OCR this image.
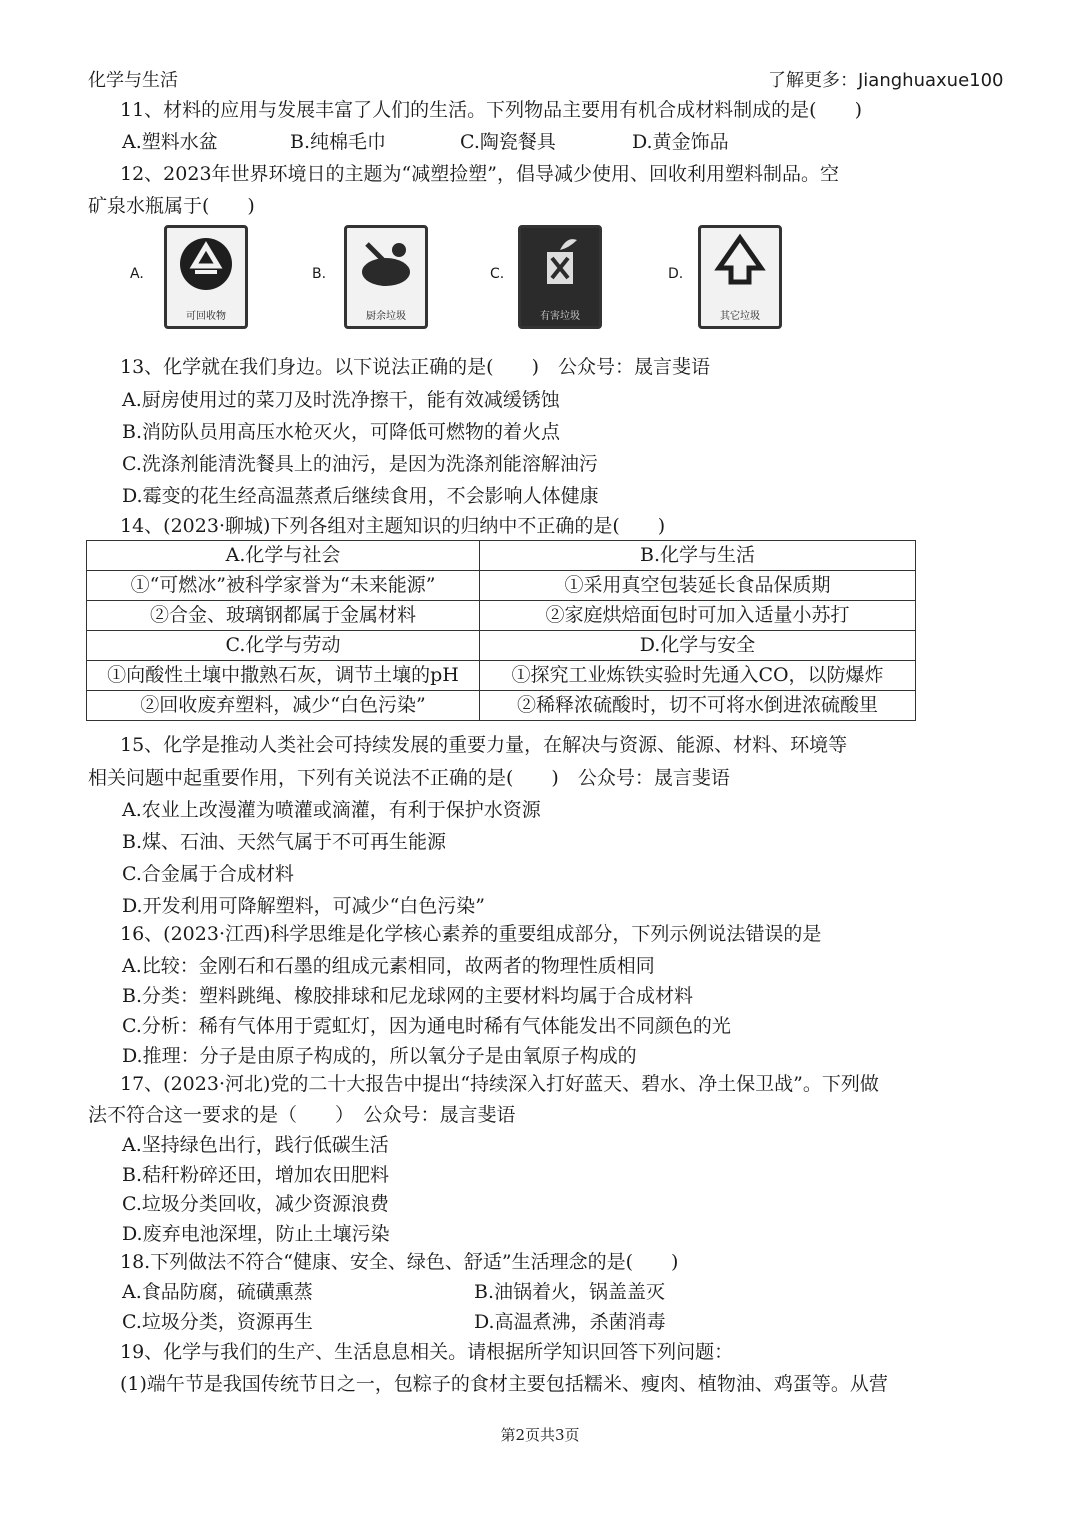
化学与生活	了解更多：Jianghuaxue100
11、材料的应用与发展丰富了人们的生活。下列物品主要用有机合成材料制成的是(　　)
A.塑料水盆	B.纯棉毛巾	C.陶瓷餐具	D.黄金饰品
12、2023年世界环境日的主题为“减塑捡塑”，倡导减少使用、回收利用塑料制品。空
矿泉水瓶属于(　　)
A.
可回收物
B.
厨余垃圾
C.
有害垃圾
D.
其它垃圾
13、化学就在我们身边。以下说法正确的是(　　)　公众号：晟言斐语
A.厨房使用过的菜刀及时洗净擦干，能有效减缓锈蚀
B.消防队员用高压水枪灭火，可降低可燃物的着火点
C.洗涤剂能清洗餐具上的油污，是因为洗涤剂能溶解油污
D.霉变的花生经高温蒸煮后继续食用，不会影响人体健康
14、(2023·聊城)下列各组对主题知识的归纳中不正确的是(　　)
A.化学与社会	B.化学与生活
①“可燃冰”被科学家誉为“未来能源”	①采用真空包装延长食品保质期
②合金、玻璃钢都属于金属材料	②家庭烘焙面包时可加入适量小苏打
C.化学与劳动	D.化学与安全
①向酸性土壤中撒熟石灰，调节土壤的pH	①探究工业炼铁实验时先通入CO，以防爆炸
②回收废弃塑料，减少“白色污染”	②稀释浓硫酸时，切不可将水倒进浓硫酸里
15、化学是推动人类社会可持续发展的重要力量，在解决与资源、能源、材料、环境等
相关问题中起重要作用，下列有关说法不正确的是(　　)　公众号：晟言斐语
A.农业上改漫灌为喷灌或滴灌，有利于保护水资源
B.煤、石油、天然气属于不可再生能源
C.合金属于合成材料
D.开发利用可降解塑料，可减少“白色污染”
16、(2023·江西)科学思维是化学核心素养的重要组成部分，下列示例说法错误的是
A.比较：金刚石和石墨的组成元素相同，故两者的物理性质相同
B.分类：塑料跳绳、橡胶排球和尼龙球网的主要材料均属于合成材料
C.分析：稀有气体用于霓虹灯，因为通电时稀有气体能发出不同颜色的光
D.推理：分子是由原子构成的，所以氧分子是由氧原子构成的
17、(2023·河北)党的二十大报告中提出“持续深入打好蓝天、碧水、净土保卫战”。下列做
法不符合这一要求的是（　　）　公众号：晟言斐语
A.坚持绿色出行，践行低碳生活
B.秸秆粉碎还田，增加农田肥料
C.垃圾分类回收，减少资源浪费
D.废弃电池深埋，防止土壤污染
18.下列做法不符合“健康、安全、绿色、舒适”生活理念的是(　　)
A.食品防腐，硫磺熏蒸	B.油锅着火，锅盖盖灭
C.垃圾分类，资源再生	D.高温煮沸，杀菌消毒
19、化学与我们的生产、生活息息相关。请根据所学知识回答下列问题：
(1)端午节是我国传统节日之一，包粽子的食材主要包括糯米、瘦肉、植物油、鸡蛋等。从营
第2页共3页
